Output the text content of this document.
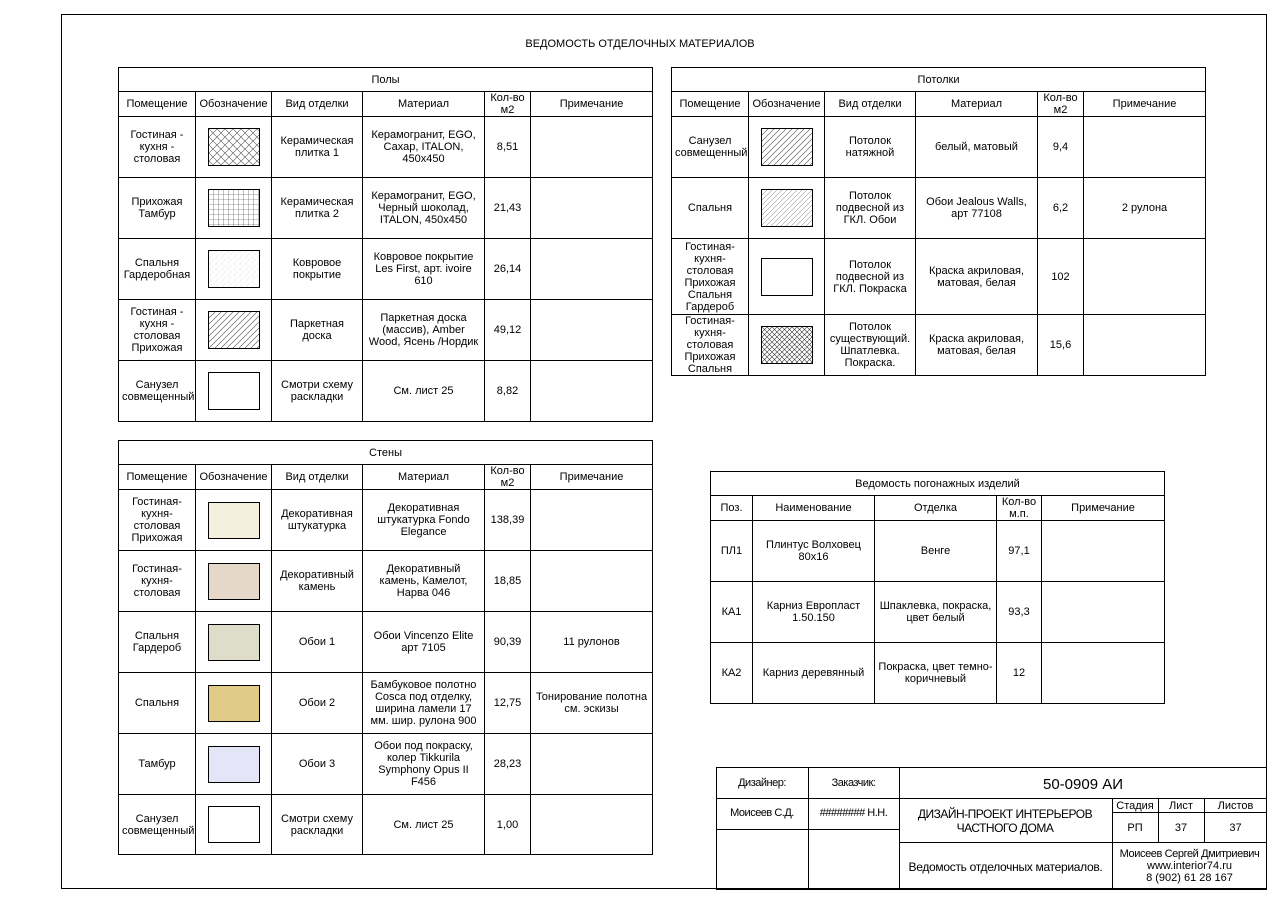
ВЕДОМОСТЬ ОТДЕЛОЧНЫХ МАТЕРИАЛОВ
Полы					
Помещение	Обозначение	Вид отделки	Материал	Кол-во м2	Примечание
Гостиная - кухня - столовая		Керамическая плитка 1	Керамогранит, EGO, Сахар, ITALON, 450х450	8,51	
Прихожая Тамбур		Керамическая плитка 2	Керамогранит, EGO, Черный шоколад, ITALON, 450х450	21,43	
Спальня Гардеробная		Ковровое покрытие	Ковровое покрытие Les First, арт. ivoire 610	26,14	
Гостиная - кухня - столовая Прихожая		Паркетная доска	Паркетная доска (массив), Amber Wood, Ясень /Нордик	49,12	
Санузел совмещенный		Смотри схему раскладки	См. лист 25	8,82	
Стены					
Помещение	Обозначение	Вид отделки	Материал	Кол-во м2	Примечание
Гостиная- кухня- столовая Прихожая		Декоративная штукатурка	Декоративная штукатурка Fondo Elegance	138,39	
Гостиная- кухня- столовая		Декоративный камень	Декоративный камень, Камелот, Нарва 046	18,85	
Спальня Гардероб		Обои 1	Обои Vincenzo Elite арт 7105	90,39	11 рулонов
Спальня		Обои 2	Бамбуковое полотно Cosca под отделку, ширина ламели 17 мм. шир. рулона 900	12,75	Тонирование полотна см. эскизы
Тамбур		Обои 3	Обои под покраску, колер Tikkurila Symphony Opus II F456	28,23	
Санузел совмещенный		Смотри схему раскладки	См. лист 25	1,00	
Потолки					
Помещение	Обозначение	Вид отделки	Материал	Кол-во м2	Примечание
Санузел совмещенный		Потолок натяжной	белый, матовый	9,4	
Спальня		Потолок подвесной из ГКЛ. Обои	Обои Jealous Walls, арт 77108	6,2	2 рулона
Гостиная- кухня- столовая Прихожая Спальня Гардероб		Потолок подвесной из ГКЛ. Покраска	Краска акриловая, матовая, белая	102	
Гостиная- кухня- столовая Прихожая Спальня		Потолок существующий. Шпатлевка. Покраска.	Краска акриловая, матовая, белая	15,6	
Ведомость погонажных изделий				
Поз.	Наименование	Отделка	Кол-во м.п.	Примечание
ПЛ1	Плинтус Волховец 80х16	Венге	97,1	
КА1	Карниз Европласт 1.50.150	Шпаклевка, покраска, цвет белый	93,3	
КА2	Карниз деревянный	Покраска, цвет темно-коричневый	12	
Дизайнер:	Заказчик:
Моисеев С.Д.	######## Н.Н.
50-0909 АИ
ДИЗАЙН-ПРОЕКТ ИНТЕРЬЕРОВ ЧАСТНОГО ДОМА
Стадия	Лист	Листов
РП	37	37
Ведомость отделочных материалов.
Моисеев Сергей Дмитриевич
www.interior74.ru
8 (902) 61 28 167
